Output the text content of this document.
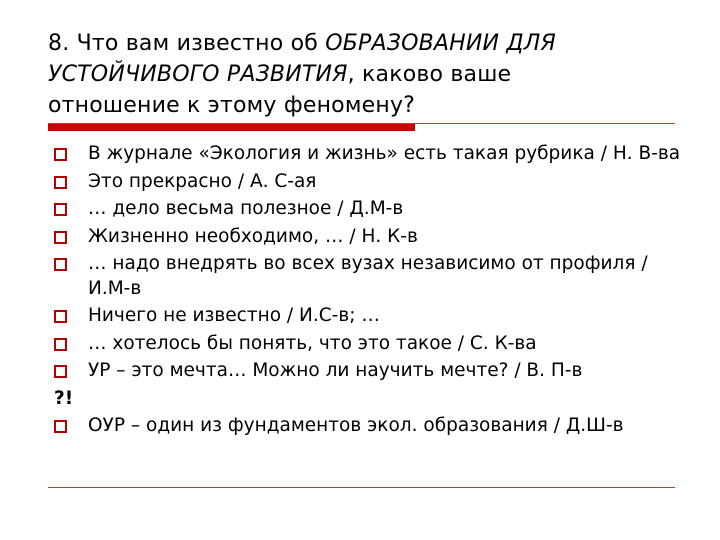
8. Что вам известно об ОБРАЗОВАНИИ ДЛЯ
УСТОЙЧИВОГО РАЗВИТИЯ, каково ваше
отношение к этому феномену?
В журнале «Экология и жизнь» есть такая рубрика / Н. В-ва
Это прекрасно / А. С-ая
… дело весьма полезное / Д.М-в
Жизненно необходимо, … / Н. К-в
… надо внедрять во всех вузах независимо от профиля / И.М-в
Ничего не известно / И.С-в; …
… хотелось бы понять, что это такое / С. К-ва
УР – это мечта… Можно ли научить мечте? / В. П-в
?!
ОУР – один из фундаментов экол. образования / Д.Ш-в
